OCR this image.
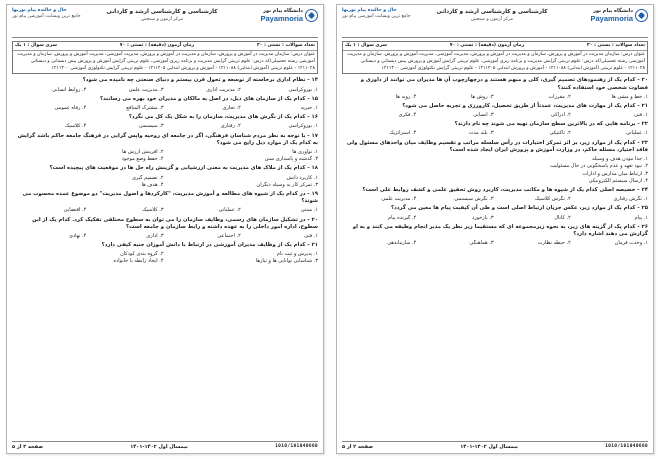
دانشگاه پیام نور
Payamnoria
کارشناسی و کارشناسی ارشد و کاردانی
مرکز آزمون و سنجش
حال و حالنده پیام نوریها
جامع ترین وبسایت آموزشی پیام نور
تعداد سوالات : تستی : ۳۰
زمان آزمون (دقیقه) : تستی : ۷۰
سری سوال : ۱ یک
عنوان درس: سازمان مدیریت در آموزش و پرورش، سازمان و مدیریت در آموزش و پرورش، مدیریت آموزشی، مدیریت آموزش و پرورش، سازمان و مدیریت آموزشی رشته تحصیلی/کد درس: علوم تربیتی گرایش مدیریت و برنامه ریزی آموزشی، علوم تربیتی گرایش آموزش و پرورش پیش دبستانی و دبستانی ۱۲۱۱۰۲۸ - علوم تربیتی (آموزش ابتدایی) ۱۲۱۱۰۸۸ - آموزش و پرورش ابتدایی ۱۲۱۱۲۰۵ - علوم تربیتی گرایش تکنولوژی آموزشی ۱۲۱۱۳۰۰
۲۰- کدام یک از رهنمودهای تصمیم گیری، کلی و مبهم هستند و درچهارچوب آن ها مدیران می توانند از داوری و قضاوت شخصی خود استفاده کنند؟
۱. خط و مشی ها
۲. مقررات
۳. روش ها
۴. رویه ها
۲۱- کدام یک از مهارت های مدیریت، عمدتاً از طریق تحصیل، کارورزی و تجربه حاصل می شود؟
۱. فنی
۲. ادراکی
۳. انسانی
۴. فکری
۲۲- برنامه هایی که در بالاترین سطح سازمان تهیه می شوند چه نام دارند؟
۱. عملیاتی
۲. تاکتیکی
۳. بلند مدت
۴. استراتژیک
۲۳- کدام یک از موارد زیر، بر اثر تمرکز اختیارات در رأس سلسله مراتب و تقسیم وظایف میان واحدهای مسئول ولی فاقد اختیار، مسئله حاکم، در وزارت آموزش و پرورش ایران ایجاد شده است؟
۱. جدا نبودن هدف و وسیله
۲. نبود تعهد و عدم پاسخگویی در حال مسئولیت
۳. ارتباط میان مدارس و ادارات
۴. ارسال سیستم الکترونیکی
۲۴- خصیصه اصلی کدام یک از شیوه ها و مکاتب مدیریت، کاربرد روش تحقیق علمی و کشف روابط علی است؟
۱. نگرش رفتاری
۲. نگرش کلاسیک
۳. نگرش سیستمی
۴. مدیریت علمی
۲۵- کدام یک از موارد زیر، عکس جریان ارتباط اصلی است و طی آن کیفیت پیام ها معین می گردد؟
۱. پیام
۲. کانال
۳. بازخورد
۴. گیرنده پیام
۲۶- کدام یک از گزینه های زیر، به نحوه زیرمجموعه ای که مستقیما زیر نظر یک مدیر انجام وظیفه می کنند و به او گزارش می دهند اشاره دارد؟
۱. وحدت فرمان
۲. حیطه نظارت
۳. هماهنگی
۴. سازماندهی
1010/101040660
نیمسال اول ۱۴۰۲-۱۴۰۱
صفحه ۲ از ۵
دانشگاه پیام نور
Payamnoria
کارشناسی و کارشناسی ارشد و کاردانی
مرکز آزمون و سنجش
حال و حالنده پیام نوریها
جامع ترین وبسایت آموزشی پیام نور
تعداد سوالات : تستی : ۳۰
زمان آزمون (دقیقه) : تستی : ۷۰
سری سوال : ۱ یک
عنوان درس: سازمان مدیریت در آموزش و پرورش، سازمان و مدیریت در آموزش و پرورش، مدیریت آموزشی، مدیریت آموزش و پرورش، سازمان و مدیریت آموزشی رشته تحصیلی/کد درس: علوم تربیتی گرایش مدیریت و برنامه ریزی آموزشی، علوم تربیتی گرایش آموزش و پرورش پیش دبستانی و دبستانی ۱۲۱۱۰۲۸ - علوم تربیتی (آموزش ابتدایی) ۱۲۱۱۰۸۸ - آموزش و پرورش ابتدایی ۱۲۱۱۲۰۵ - علوم تربیتی گرایش تکنولوژی آموزشی ۱۲۱۱۳۰۰
۱۴- نظام اداری برخاسته از توسعه و تحول قرن بیستم و دنیای صنعتی چه نامیده می شود؟
۱. بوروکراسی
۲. مدیریت اداری
۳. مدیریت علمی
۴. روابط انسانی
۱۵- کدام یک از سازمان های ذیل، در اصل به مالکان و مدیران خود بهره می رسانند؟
۱. خیریه
۲. تجاری
۳. مشترک المنافع
۴. رفاه عمومی
۱۶- کدام یک از نگرش های مدیریت، سازمان را به شکل یک کل می نگرد؟
۱. بوروکراسی
۲. رفتاری
۳. سیستمی
۴. کلاسیک
۱۷- با توجه به نظر مردم شناسان فرهنگی، اگر در جامعه ای روحیه واپس گرایی در فرهنگ جامعه حاکم باشد گرایش به کدام یک از موارد ذیل رایج می شود؟
۱. نوآوری ها
۲. آفرینش ارزش ها
۳. گذشته و پاسداری سنن
۴. حفظ وضع موجود
۱۸- کدام یک از ملاک های مدیریت به معنی ارزشیابی و گزینش راه حل ها در موقعیت های پیچیده است؟
۱. کاربرد دانش
۲. تصمیم گیری
۳. تمرکز کار به وسیله دیگران
۴. هدف ها
۱۹- در کدام یک از شیوه های مطالعه و آموزش مدیریت، "کارکردها و اصول مدیریت" دو موضوع عمده محسوب می شوند؟
۱. سنتی
۲. عملیاتی
۳. کلاسیک
۴. اقتضایی
۲۰- در تشکیل سازمان های رسمی، وظایف سازمان را می توان به سطوح مختلفی تفکیک کرد. کدام یک از این سطوح، اداره امور داخلی را به عهده داشته و رابط سازمان و جامعه است؟
۱. فنی
۲. اجتماعی
۳. اداری
۴. نهادی
۲۱- کدام یک از وظایف مدیران آموزشی در ارتباط با دانش آموزان جنبه کیفی دارد؟
۱. پذیرش و ثبت نام
۲. گروه بندی کودکان
۳. شناسایی توانایی ها و نیازها
۴. ایجاد رابطه با خانواده
1010/101040660
نیمسال اول ۱۴۰۲-۱۴۰۱
صفحه ۳ از ۵
